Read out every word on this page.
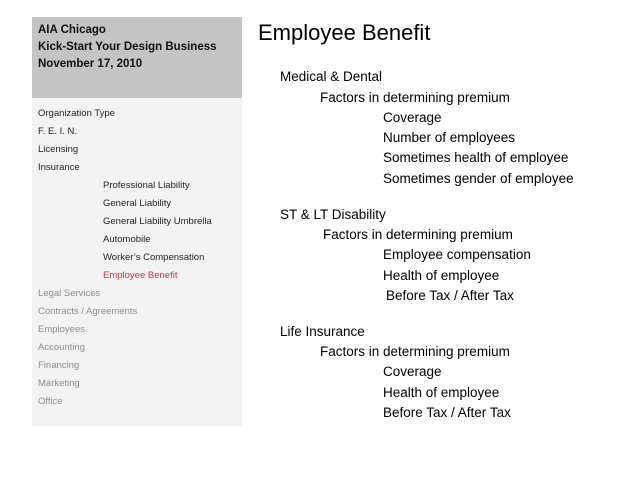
AIA Chicago
Kick-Start Your Design Business
November 17, 2010
Organization Type
F. E. I. N.
Licensing
Insurance
Professional Liability
General Liability
General Liability Umbrella
Automobile
Worker’s Compensation
Employee Benefit
Legal Services
Contracts / Agreements
Employees
Accounting
Financing
Marketing
Office
Employee Benefit
Medical & Dental
Factors in determining premium
Coverage
Number of employees
Sometimes health of employee
Sometimes gender of employee
ST & LT Disability
Factors in determining premium
Employee compensation
Health of employee
Before Tax / After Tax
Life Insurance
Factors in determining premium
Coverage
Health of employee
Before Tax / After Tax
